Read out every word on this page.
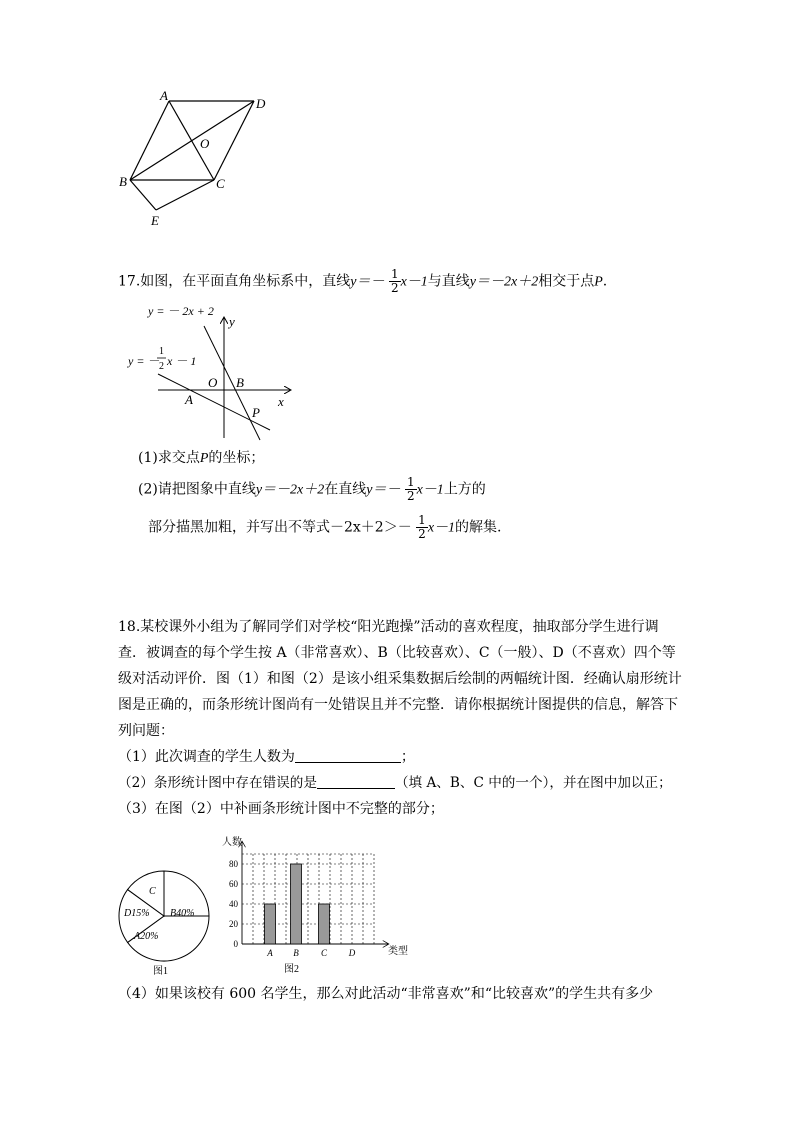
A
D
O
B	C
E
17.如图，在平面直角坐标系中，直线$y=- \frac{1}{2} x-1$与直线y＝－2x＋2相交于点P.
y = － 2x + 2
y = －
1
2 x － 1
y
x
O B
A
P
(1)求交点P的坐标；
(2)请把图象中直线y＝－2x＋2在直线$y=- \frac{1}{2} x-1$上方的
部分描黑加粗，并写出不等式$-2x+2>- \frac{1}{2} x-1$的解集.
18.某校课外小组为了解同学们对学校“阳光跑操”活动的喜欢程度，抽取部分学生进行调
查．被调查的每个学生按 A（非常喜欢）、B（比较喜欢）、C（一般）、D（不喜欢）四个等
级对活动评价．图（1）和图（2）是该小组采集数据后绘制的两幅统计图．经确认扇形统计
图是正确的，而条形统计图尚有一处错误且并不完整．请你根据统计图提供的信息，解答下
列问题：
（1）此次调查的学生人数为	；
（2）条形统计图中存在错误的是	（填 A、B、C 中的一个），并在图中加以正；
（3）在图（2）中补画条形统计图中不完整的部分；
C
D15% B40%
A20%
图1
0
20
40
60
80
A B C D
人数
类型
图2
（4）如果该校有 600 名学生，那么对此活动“非常喜欢”和“比较喜欢”的学生共有多少
